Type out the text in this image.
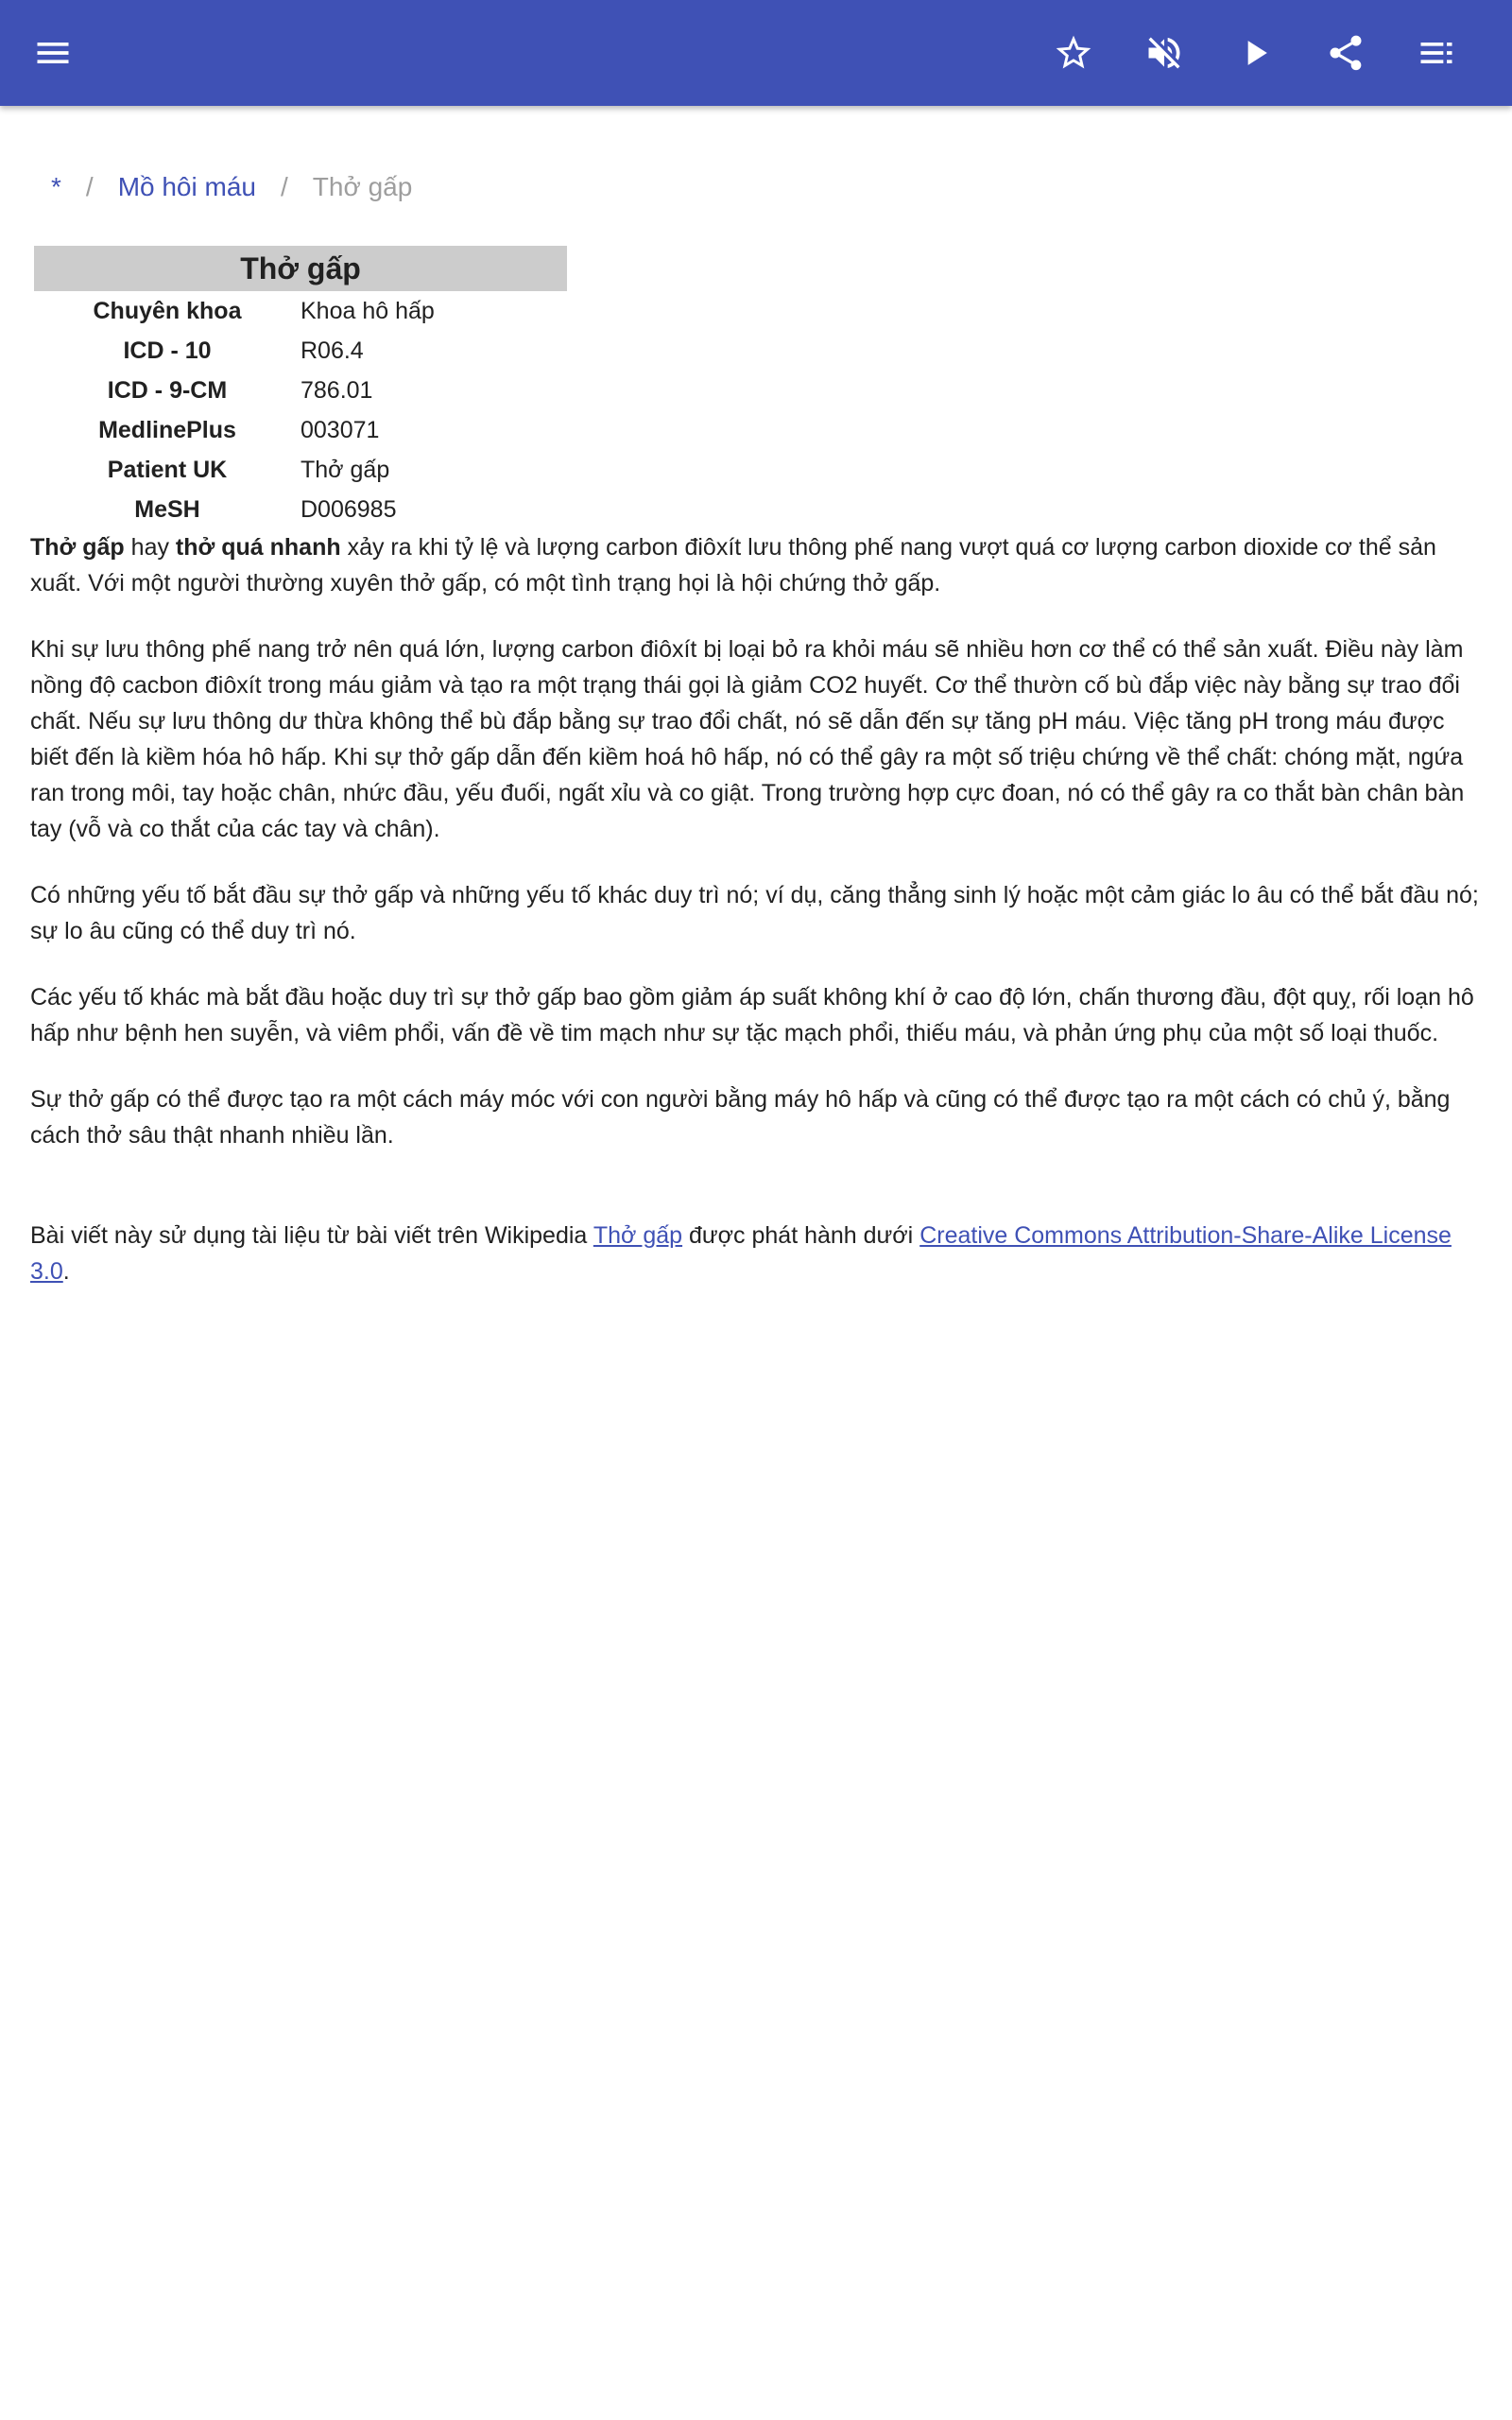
* / Mồ hôi máu / Thở gấp
Thở gấp	
Chuyên khoa	Khoa hô hấp
ICD - 10	R06.4
ICD - 9-CM	786.01
MedlinePlus	003071
Patient UK	Thở gấp
MeSH	D006985

Thở gấp hay thở quá nhanh xảy ra khi tỷ lệ và lượng carbon điôxít lưu thông phế nang vượt quá cơ lượng carbon dioxide cơ thể sản xuất. Với một người thường xuyên thở gấp, có một tình trạng họi là hội chứng thở gấp.

Khi sự lưu thông phế nang trở nên quá lớn, lượng carbon điôxít bị loại bỏ ra khỏi máu sẽ nhiều hơn cơ thể có thể sản xuất. Điều này làm nồng độ cacbon điôxít trong máu giảm và tạo ra một trạng thái gọi là giảm CO2 huyết. Cơ thể thườn cố bù đắp việc này bằng sự trao đổi chất. Nếu sự lưu thông dư thừa không thể bù đắp bằng sự trao đổi chất, nó sẽ dẫn đến sự tăng pH máu. Việc tăng pH trong máu được biết đến là kiềm hóa hô hấp. Khi sự thở gấp dẫn đến kiềm hoá hô hấp, nó có thể gây ra một số triệu chứng về thể chất: chóng mặt, ngứa ran trong môi, tay hoặc chân, nhức đầu, yếu đuối, ngất xỉu và co giật. Trong trường hợp cực đoan, nó có thể gây ra co thắt bàn chân bàn tay (vỗ và co thắt của các tay và chân).

Có những yếu tố bắt đầu sự thở gấp và những yếu tố khác duy trì nó; ví dụ, căng thẳng sinh lý hoặc một cảm giác lo âu có thể bắt đầu nó; sự lo âu cũng có thể duy trì nó.

Các yếu tố khác mà bắt đầu hoặc duy trì sự thở gấp bao gồm giảm áp suất không khí ở cao độ lớn, chấn thương đầu, đột quỵ, rối loạn hô hấp như bệnh hen suyễn, và viêm phổi, vấn đề về tim mạch như sự tặc mạch phổi, thiếu máu, và phản ứng phụ của một số loại thuốc.

Sự thở gấp có thể được tạo ra một cách máy móc với con người bằng máy hô hấp và cũng có thể được tạo ra một cách có chủ ý, bằng cách thở sâu thật nhanh nhiều lần.

Bài viết này sử dụng tài liệu từ bài viết trên Wikipedia Thở gấp được phát hành dưới Creative Commons Attribution-Share-Alike License 3.0.
